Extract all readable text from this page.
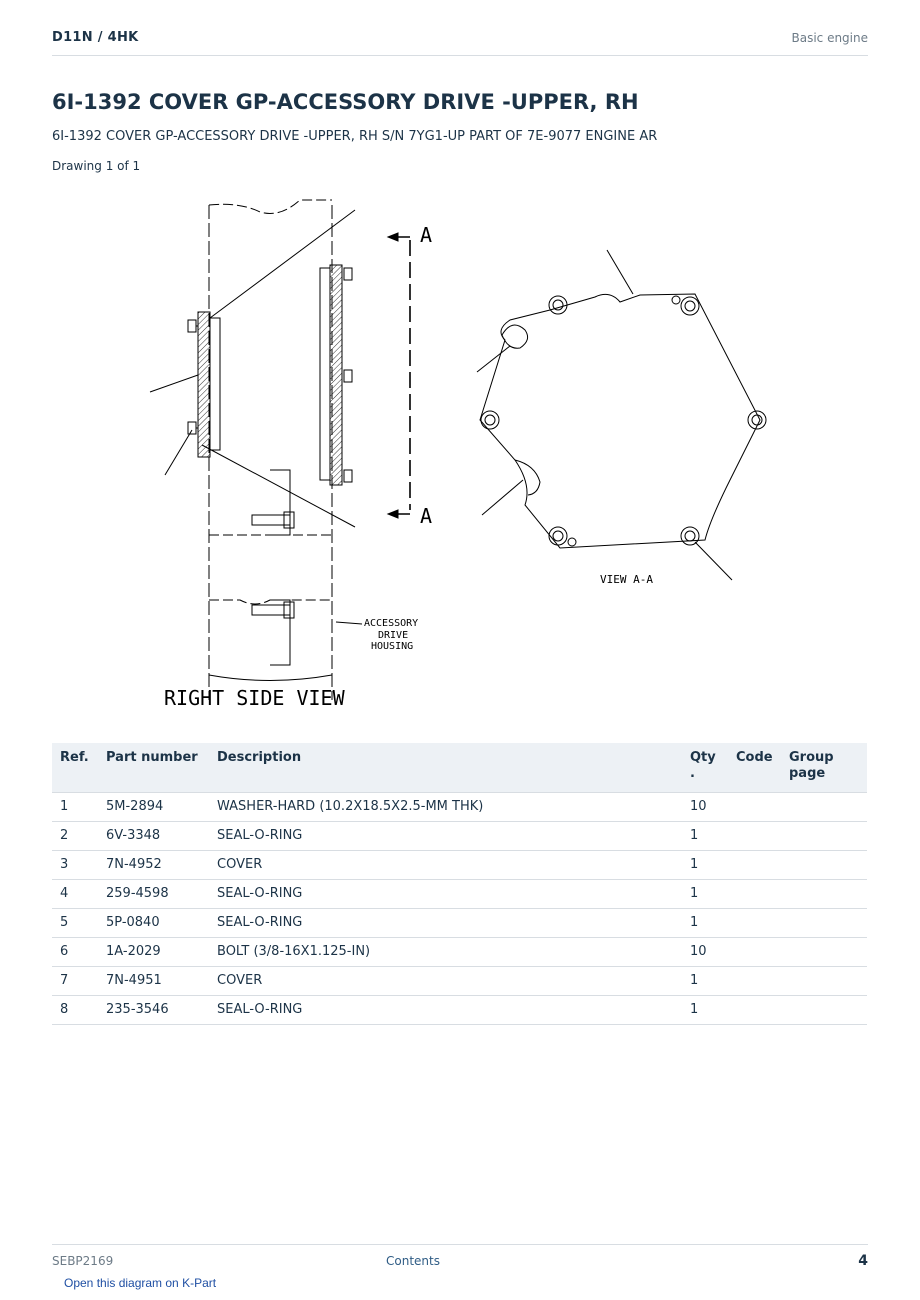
D11N / 4HK	Basic engine
6I-1392 COVER GP-ACCESSORY DRIVE -UPPER, RH
6I-1392 COVER GP-ACCESSORY DRIVE -UPPER, RH S/N 7YG1-UP PART OF 7E-9077 ENGINE AR
Drawing 1 of 1
A
A
VIEW A-A
ACCESSORY
DRIVE
HOUSING
RIGHT SIDE VIEW
Ref.	Part number	Description	Qty .	Code	Group page
1	5M-2894	WASHER-HARD (10.2X18.5X2.5-MM THK)	10		
2	6V-3348	SEAL-O-RING	1		
3	7N-4952	COVER	1		
4	259-4598	SEAL-O-RING	1		
5	5P-0840	SEAL-O-RING	1		
6	1A-2029	BOLT (3/8-16X1.125-IN)	10		
7	7N-4951	COVER	1		
8	235-3546	SEAL-O-RING	1		
SEBP2169	Contents	4
Open this diagram on K-Part
